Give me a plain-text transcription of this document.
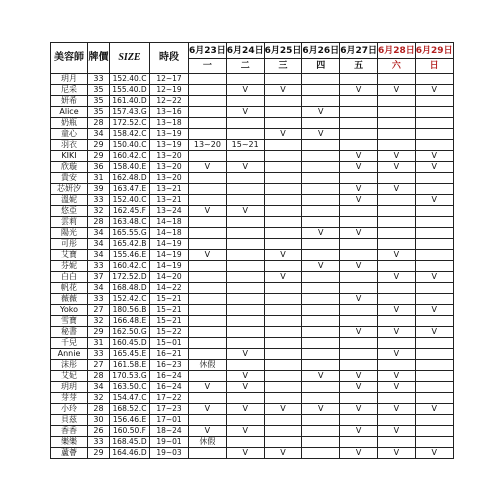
美容師	牌價	SIZE	時段	6月23日	6月24日	6月25日	6月26日	6月27日	6月28日	6月29日
				一	二	三	四	五	六	日
玥月	33	152.40.C	12~17							
尼采	35	155.40.D	12~19		V	V		V	V	V
妍希	35	161.40.D	12~22							
Alice	35	157.43.G	13~16		V		V			
奶瓶	28	172.52.C	13~18							
童心	34	158.42.C	13~19			V	V			
羽衣	29	150.40.C	13~19	13~20	15~21					
KIKI	29	160.42.C	13~20					V	V	V
欣璇	36	158.40.E	13~20	V	V			V	V	V
貴安	31	162.48.D	13~20							
芯妍汐	39	163.47.E	13~21					V	V	
溫妮	33	152.40.C	13~21					V		V
悠亞	32	162.45.F	13~24	V	V					
雲莉	28	163.48.C	14~18							
陽光	34	165.55.G	14~18				V	V		
可彤	34	165.42.B	14~19							
艾寶	34	155.46.E	14~19	V		V			V	
芬妮	33	160.42.C	14~19				V	V		
白白	37	172.52.D	14~20			V			V	V
帆花	34	168.48.D	14~22							
薇薇	33	152.42.C	15~21					V		
Yoko	27	180.56.B	15~21						V	V
雪寶	32	166.48.E	15~21							
秘書	29	162.50.G	15~22					V	V	V
千兒	31	160.45.D	15~01							
Annie	33	165.45.E	16~21		V				V	
沫彤	27	161.58.E	16~23	休假						
艾妃	28	170.53.G	16~24		V		V	V	V	
玥玥	34	163.50.C	16~24	V	V			V	V	
芽芽	32	154.47.C	17~22							
小玲	28	168.52.C	17~23	V	V	V	V	V	V	V
貝茲	30	156.46.E	17~01							
香香	26	160.50.F	18~24	V	V			V	V	
樂樂	33	168.45.D	19~01	休假						
蘆薈	29	164.46.D	19~03		V	V		V	V	V
